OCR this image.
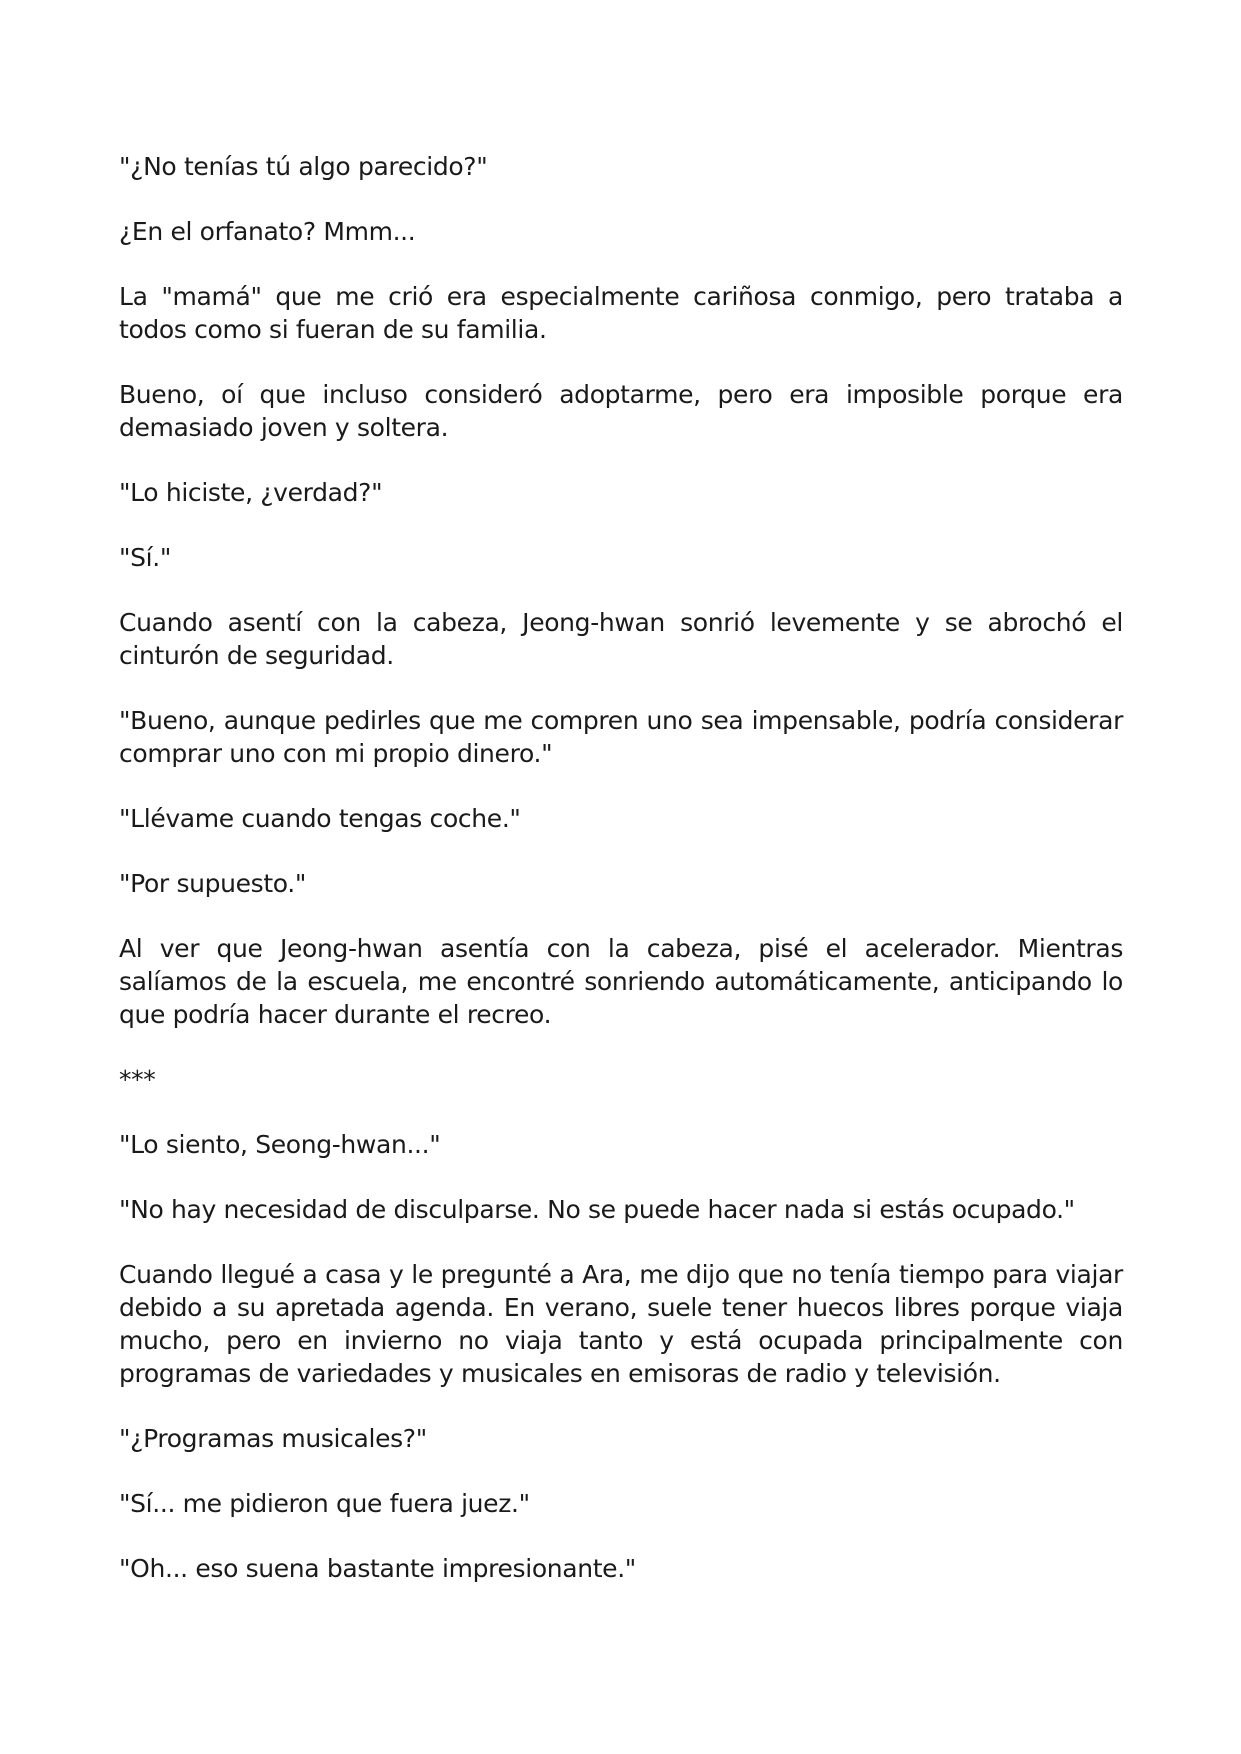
"¿No tenías tú algo parecido?"

¿En el orfanato? Mmm...

La "mamá" que me crió era especialmente cariñosa conmigo, pero trataba a todos como si fueran de su familia.

Bueno, oí que incluso consideró adoptarme, pero era imposible porque era demasiado joven y soltera.

"Lo hiciste, ¿verdad?"

"Sí."

Cuando asentí con la cabeza, Jeong-hwan sonrió levemente y se abrochó el cinturón de seguridad.

"Bueno, aunque pedirles que me compren uno sea impensable, podría considerar comprar uno con mi propio dinero."

"Llévame cuando tengas coche."

"Por supuesto."

Al ver que Jeong-hwan asentía con la cabeza, pisé el acelerador. Mientras salíamos de la escuela, me encontré sonriendo automáticamente, anticipando lo que podría hacer durante el recreo.

***

"Lo siento, Seong-hwan..."

"No hay necesidad de disculparse. No se puede hacer nada si estás ocupado."

Cuando llegué a casa y le pregunté a Ara, me dijo que no tenía tiempo para viajar debido a su apretada agenda. En verano, suele tener huecos libres porque viaja mucho, pero en invierno no viaja tanto y está ocupada principalmente con programas de variedades y musicales en emisoras de radio y televisión.

"¿Programas musicales?"

"Sí... me pidieron que fuera juez."

"Oh... eso suena bastante impresionante."
